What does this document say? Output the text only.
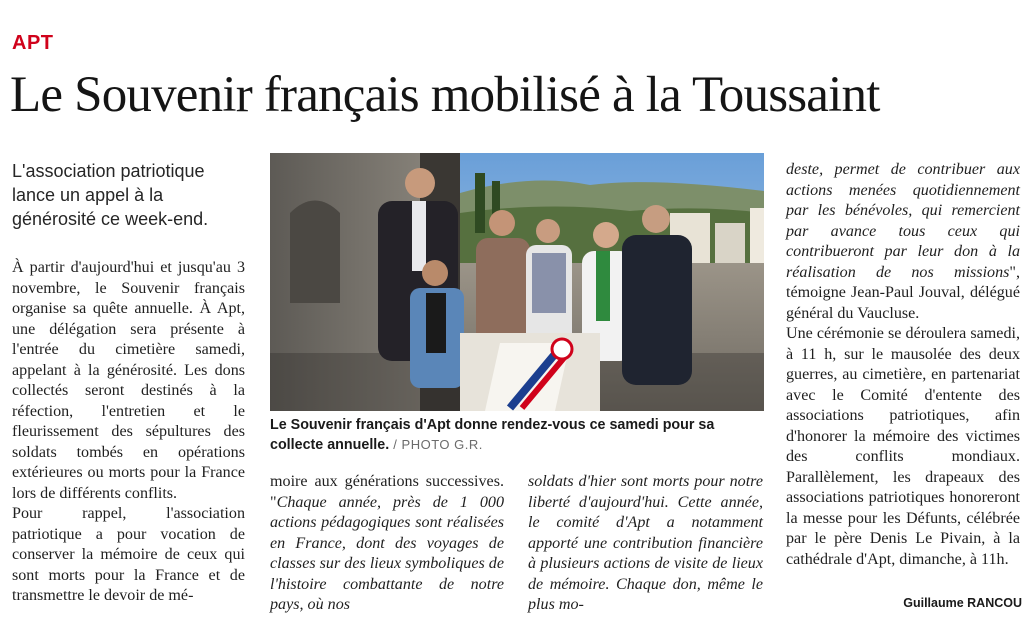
APT
Le Souvenir français mobilisé à la Toussaint
L'association patriotique lance un appel à la générosité ce week-end.

À partir d'aujourd'hui et jusqu'au 3 novembre, le Souvenir français organise sa quête annuelle. À Apt, une délégation sera présente à l'entrée du cimetière samedi, appelant à la générosité. Les dons collectés seront destinés à la réfection, l'entretien et le fleurissement des sépultures des soldats tombés en opérations extérieures ou morts pour la France lors de différents conflits.

Pour rappel, l'association patriotique a pour vocation de conserver la mémoire de ceux qui sont morts pour la France et de transmettre le devoir de mé-

Le Souvenir français d'Apt donne rendez-vous ce samedi pour sa collecte annuelle. / PHOTO G.R.

moire aux générations successives. "Chaque année, près de 1 000 actions pédagogiques sont réalisées en France, dont des voyages de classes sur des lieux symboliques de l'histoire combattante de notre pays, où nos

soldats d'hier sont morts pour notre liberté d'aujourd'hui. Cette année, le comité d'Apt a notamment apporté une contribution financière à plusieurs actions de visite de lieux de mémoire. Chaque don, même le plus mo-

deste, permet de contribuer aux actions menées quotidiennement par les bénévoles, qui remercient par avance tous ceux qui contribueront par leur don à la réalisation de nos missions", témoigne Jean-Paul Jouval, délégué général du Vaucluse.

Une cérémonie se déroulera samedi, à 11 h, sur le mausolée des deux guerres, au cimetière, en partenariat avec le Comité d'entente des associations patriotiques, afin d'honorer la mémoire des victimes des conflits mondiaux. Parallèlement, les drapeaux des associations patriotiques honoreront la messe pour les Défunts, célébrée par le père Denis Le Pivain, à la cathédrale d'Apt, dimanche, à 11h.

Guillaume RANCOU
